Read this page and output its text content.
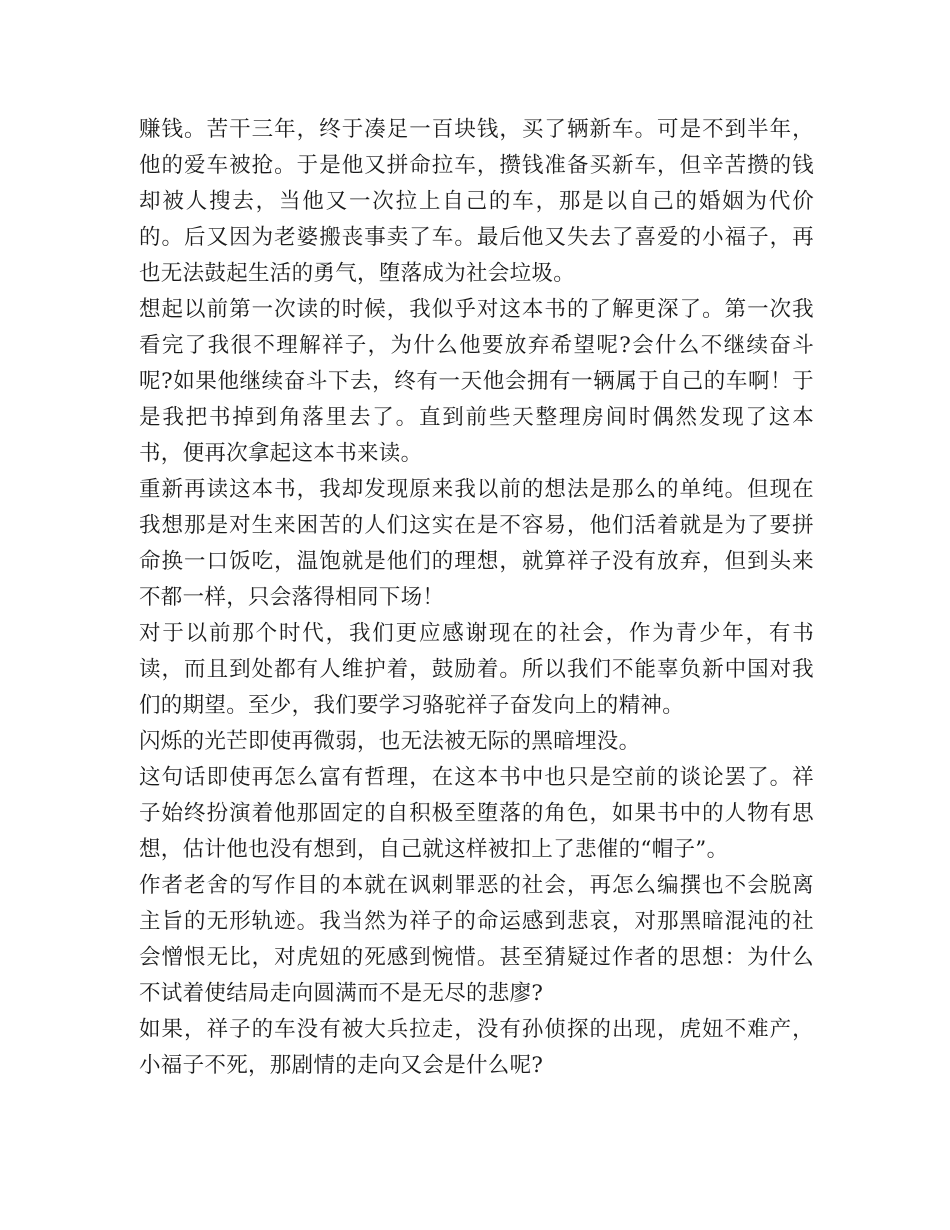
赚钱。苦干三年，终于凑足一百块钱，买了辆新车。可是不到半年，他的爱车被抢。于是他又拼命拉车，攒钱准备买新车，但辛苦攒的钱却被人搜去，当他又一次拉上自己的车，那是以自己的婚姻为代价的。后又因为老婆搬丧事卖了车。最后他又失去了喜爱的小福子，再也无法鼓起生活的勇气，堕落成为社会垃圾。

想起以前第一次读的时候，我似乎对这本书的了解更深了。第一次我看完了我很不理解祥子，为什么他要放弃希望呢?会什么不继续奋斗呢?如果他继续奋斗下去，终有一天他会拥有一辆属于自己的车啊！于是我把书掉到角落里去了。直到前些天整理房间时偶然发现了这本书，便再次拿起这本书来读。

重新再读这本书，我却发现原来我以前的想法是那么的单纯。但现在我想那是对生来困苦的人们这实在是不容易，他们活着就是为了要拼命换一口饭吃，温饱就是他们的理想，就算祥子没有放弃，但到头来不都一样，只会落得相同下场！

对于以前那个时代，我们更应感谢现在的社会，作为青少年，有书读，而且到处都有人维护着，鼓励着。所以我们不能辜负新中国对我们的期望。至少，我们要学习骆驼祥子奋发向上的精神。

闪烁的光芒即使再微弱，也无法被无际的黑暗埋没。

这句话即使再怎么富有哲理，在这本书中也只是空前的谈论罢了。祥子始终扮演着他那固定的自积极至堕落的角色，如果书中的人物有思想，估计他也没有想到，自己就这样被扣上了悲催的“帽子”。

作者老舍的写作目的本就在讽刺罪恶的社会，再怎么编撰也不会脱离主旨的无形轨迹。我当然为祥子的命运感到悲哀，对那黑暗混沌的社会憎恨无比，对虎妞的死感到惋惜。甚至猜疑过作者的思想：为什么不试着使结局走向圆满而不是无尽的悲廖?

如果，祥子的车没有被大兵拉走，没有孙侦探的出现，虎妞不难产，小福子不死，那剧情的走向又会是什么呢?
